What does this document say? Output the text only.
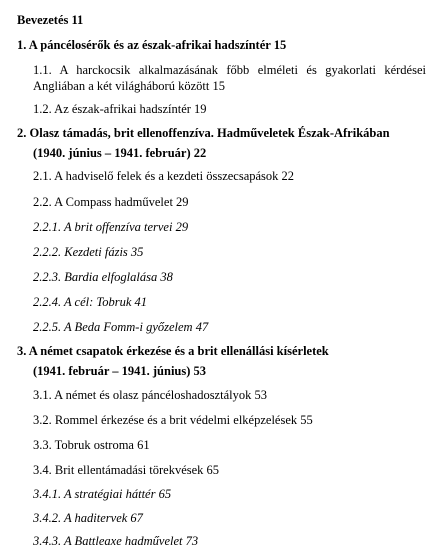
Bevezetés 11

1. A páncélosérők és az észak-afrikai hadszíntér 15

1.1. A harckocsik alkalmazásának főbb elméleti és gyakorlati kérdései Angliában a két világháború között 15

1.2. Az észak-afrikai hadszíntér 19

2. Olasz támadás, brit ellenoffenzíva. Hadműveletek Észak-Afrikában

(1940. június – 1941. február) 22

2.1. A hadviselő felek és a kezdeti összecsapások 22

2.2. A Compass hadművelet 29

2.2.1. A brit offenzíva tervei 29

2.2.2. Kezdeti fázis 35

2.2.3. Bardia elfoglalása 38

2.2.4. A cél: Tobruk 41

2.2.5. A Beda Fomm-i győzelem 47

3. A német csapatok érkezése és a brit ellenállási kísérletek

(1941. február – 1941. június) 53

3.1. A német és olasz páncéloshadosztályok 53

3.2. Rommel érkezése és a brit védelmi elképzelések 55

3.3. Tobruk ostroma 61

3.4. Brit ellentámadási törekvések 65

3.4.1. A stratégiai háttér 65

3.4.2. A haditervek 67

3.4.3. A Battleaxe hadművelet 73
